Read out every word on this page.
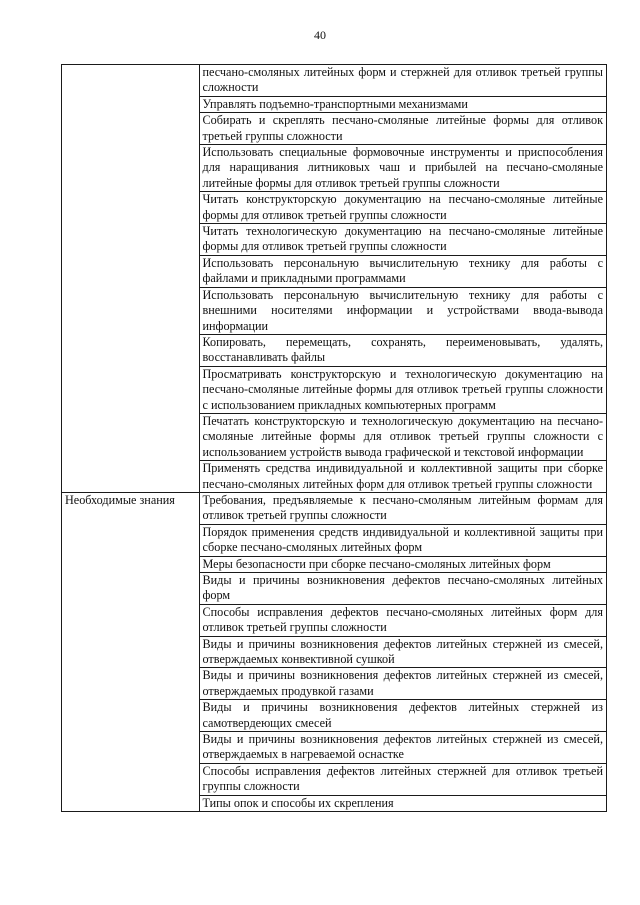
40
	песчано-смоляных литейных форм и стержней для отливок третьей группы сложности
	Управлять подъемно-транспортными механизмами
	Собирать и скреплять песчано-смоляные литейные формы для отливок третьей группы сложности
	Использовать специальные формовочные инструменты и приспособления для наращивания литниковых чаш и прибылей на песчано-смоляные литейные формы для отливок третьей группы сложности
	Читать конструкторскую документацию на песчано-смоляные литейные формы для отливок третьей группы сложности
	Читать технологическую документацию на песчано-смоляные литейные формы для отливок третьей группы сложности
	Использовать персональную вычислительную технику для работы с файлами и прикладными программами
	Использовать персональную вычислительную технику для работы с внешними носителями информации и устройствами ввода-вывода информации
	Копировать, перемещать, сохранять, переименовывать, удалять, восстанавливать файлы
	Просматривать конструкторскую и технологическую документацию на песчано-смоляные литейные формы для отливок третьей группы сложности с использованием прикладных компьютерных программ
	Печатать конструкторскую и технологическую документацию на песчано-смоляные литейные формы для отливок третьей группы сложности с использованием устройств вывода графической и текстовой информации
	Применять средства индивидуальной и коллективной защиты при сборке песчано-смоляных литейных форм для отливок третьей группы сложности
Необходимые знания	Требования, предъявляемые к песчано-смоляным литейным формам для отливок третьей группы сложности
	Порядок применения средств индивидуальной и коллективной защиты при сборке песчано-смоляных литейных форм
	Меры безопасности при сборке песчано-смоляных литейных форм
	Виды и причины возникновения дефектов песчано-смоляных литейных форм
	Способы исправления дефектов песчано-смоляных литейных форм для отливок третьей группы сложности
	Виды и причины возникновения дефектов литейных стержней из смесей, отверждаемых конвективной сушкой
	Виды и причины возникновения дефектов литейных стержней из смесей, отверждаемых продувкой газами
	Виды и причины возникновения дефектов литейных стержней из самотвердеющих смесей
	Виды и причины возникновения дефектов литейных стержней из смесей, отверждаемых в нагреваемой оснастке
	Способы исправления дефектов литейных стержней для отливок третьей группы сложности
	Типы опок и способы их скрепления
